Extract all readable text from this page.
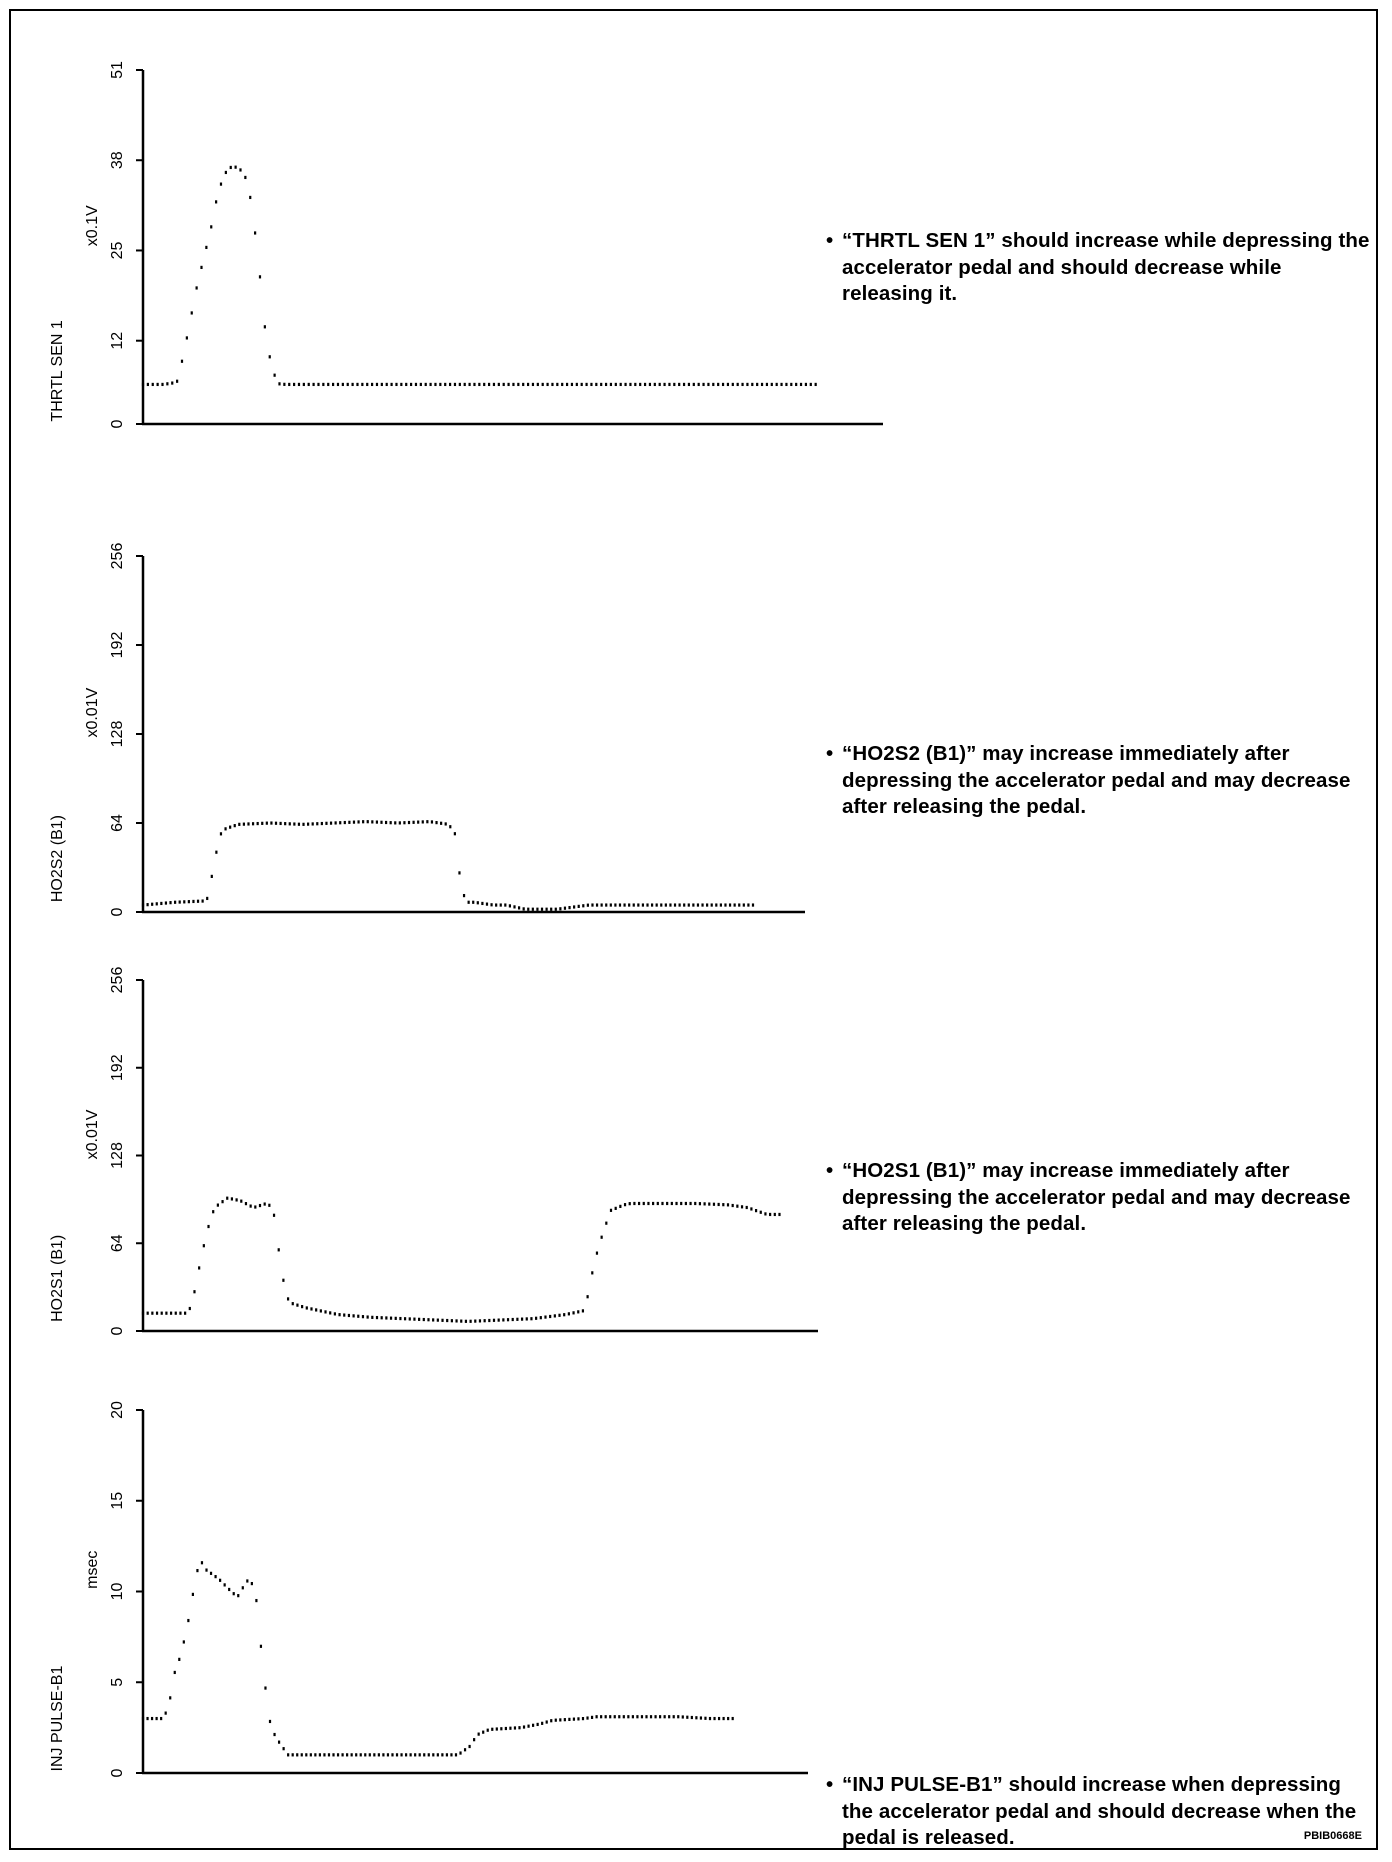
0
12
25
38
51
x0.1V
THRTL SEN 1
0
64
128
192
256
x0.01V
HO2S2 (B1)
0
64
128
192
256
x0.01V
HO2S1 (B1)
0
5
10
15
20
msec
INJ PULSE-B1
• “THRTL SEN 1” should increase while depressing the accelerator pedal and should decrease while releasing it.
• “HO2S2 (B1)” may increase immediately after depressing the accelerator pedal and may decrease after releasing the pedal.
• “HO2S1 (B1)” may increase immediately after depressing the accelerator pedal and may decrease after releasing the pedal.
• “INJ PULSE-B1” should increase when depressing the accelerator pedal and should decrease when the pedal is released.	PBIB0668E
